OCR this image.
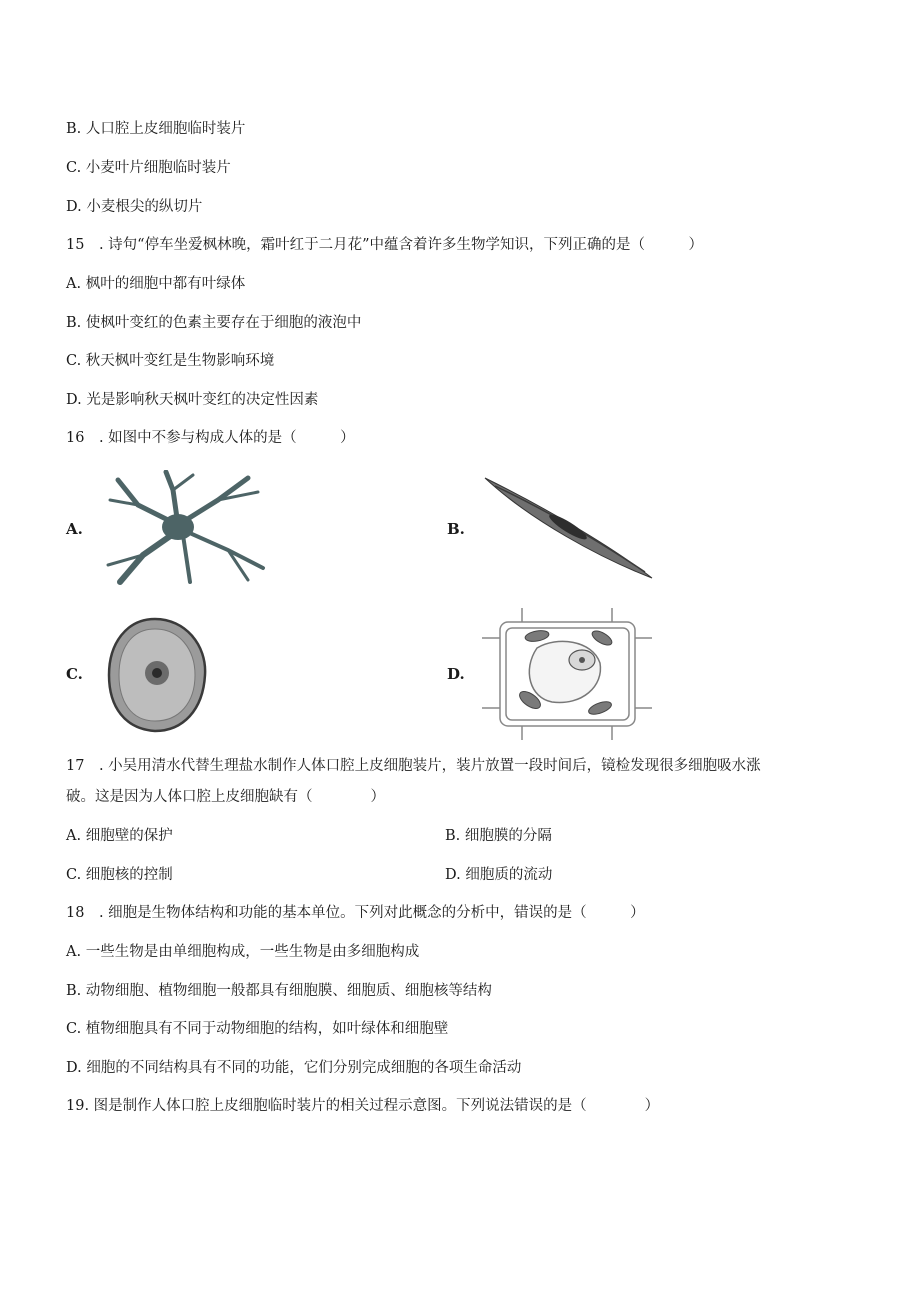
B. 人口腔上皮细胞临时装片
C. 小麦叶片细胞临时装片
D. 小麦根尖的纵切片
15　. 诗句“停车坐爱枫林晚，霜叶红于二月花”中蕴含着许多生物学知识，下列正确的是（　　　）
A. 枫叶的细胞中都有叶绿体
B. 使枫叶变红的色素主要存在于细胞的液泡中
C. 秋天枫叶变红是生物影响环境
D. 光是影响秋天枫叶变红的决定性因素
16　. 如图中不参与构成人体的是（　　　）
A.	B.
C.	D.
17　. 小吴用清水代替生理盐水制作人体口腔上皮细胞装片，装片放置一段时间后，镜检发现很多细胞吸水涨
破。这是因为人体口腔上皮细胞缺有（　　　　）
A. 细胞壁的保护	B. 细胞膜的分隔
C. 细胞核的控制	D. 细胞质的流动
18　. 细胞是生物体结构和功能的基本单位。下列对此概念的分析中，错误的是（　　　）
A. 一些生物是由单细胞构成，一些生物是由多细胞构成
B. 动物细胞、植物细胞一般都具有细胞膜、细胞质、细胞核等结构
C. 植物细胞具有不同于动物细胞的结构，如叶绿体和细胞壁
D. 细胞的不同结构具有不同的功能，它们分别完成细胞的各项生命活动
19. 图是制作人体口腔上皮细胞临时装片的相关过程示意图。下列说法错误的是（　　　　）
